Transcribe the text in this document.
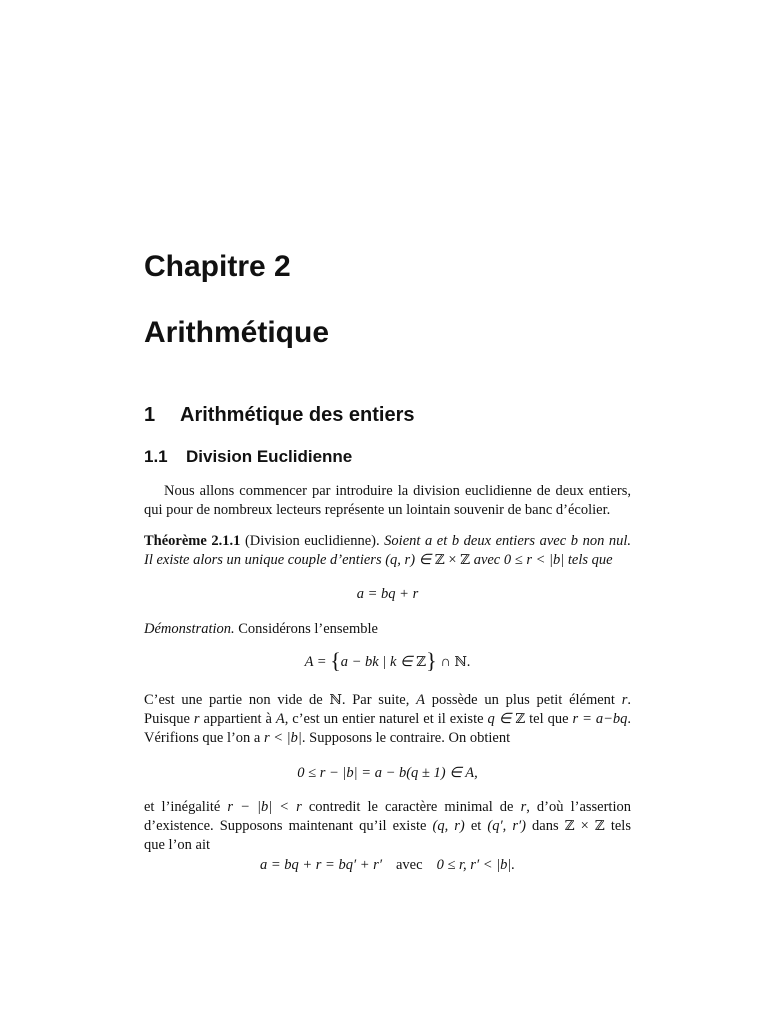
Chapitre 2
Arithmétique
1 Arithmétique des entiers
1.1 Division Euclidienne
Nous allons commencer par introduire la division euclidienne de deux entiers,
qui pour de nombreux lecteurs représente un lointain souvenir de banc d’écolier.
Théorème 2.1.1 (Division euclidienne). Soient a et b deux entiers avec b non nul.
Il existe alors un unique couple d’entiers (q, r) ∈ ℤ × ℤ avec 0 ≤ r < |b| tels que
a = bq + r
Démonstration. Considérons l’ensemble
A = {a − bk | k ∈ ℤ} ∩ ℕ.
C’est une partie non vide de ℕ. Par suite, A possède un plus petit élément r.
Puisque r appartient à A, c’est un entier naturel et il existe q ∈ ℤ tel que r = a−bq.
Vérifions que l’on a r < |b|. Supposons le contraire. On obtient
0 ≤ r − |b| = a − b(q ± 1) ∈ A,
et l’inégalité r − |b| < r contredit le caractère minimal de r, d’où l’assertion
d’existence. Supposons maintenant qu’il existe (q, r) et (q′, r′) dans ℤ × ℤ tels
que l’on ait
a = bq + r = bq′ + r′ avec 0 ≤ r, r′ < |b|.
